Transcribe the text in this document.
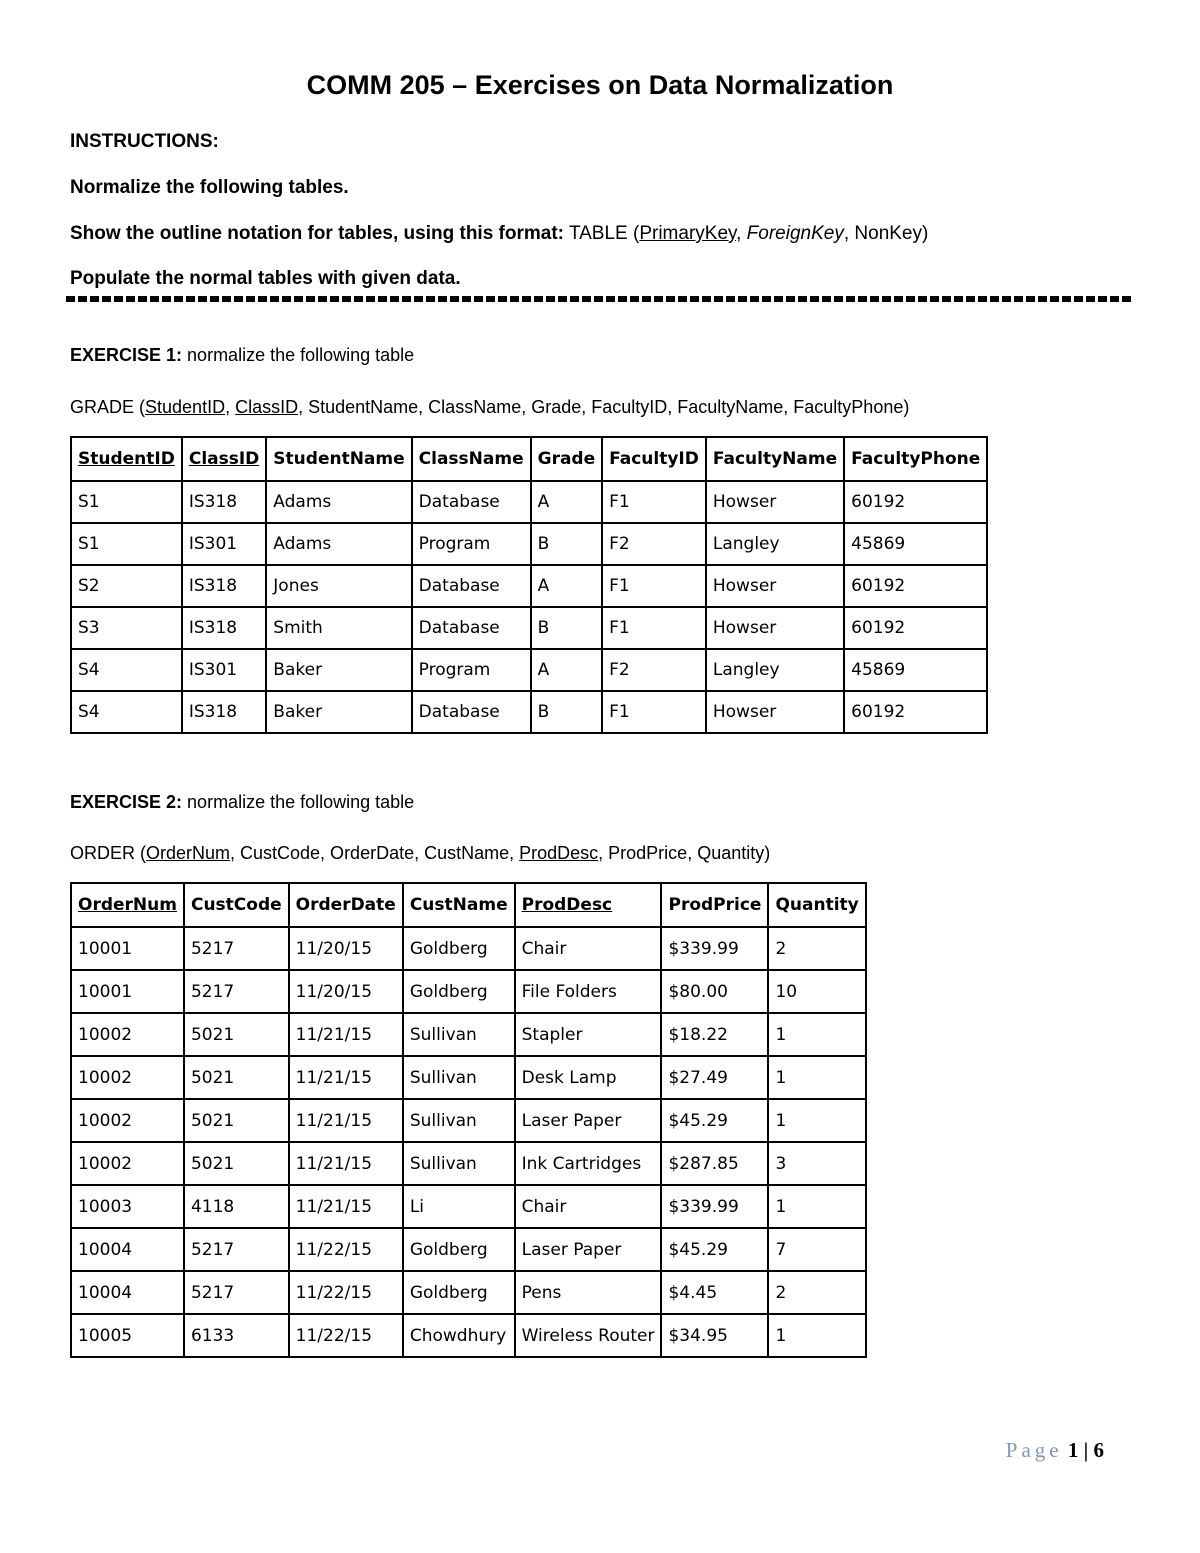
COMM 205 – Exercises on Data Normalization
INSTRUCTIONS:
Normalize the following tables.
Show the outline notation for tables, using this format: TABLE (PrimaryKey, ForeignKey, NonKey)
Populate the normal tables with given data.
EXERCISE 1: normalize the following table
GRADE (StudentID, ClassID, StudentName, ClassName, Grade, FacultyID, FacultyName, FacultyPhone)
StudentID	ClassID	StudentName	ClassName	Grade	FacultyID	FacultyName	FacultyPhone
S1	IS318	Adams	Database	A	F1	Howser	60192
S1	IS301	Adams	Program	B	F2	Langley	45869
S2	IS318	Jones	Database	A	F1	Howser	60192
S3	IS318	Smith	Database	B	F1	Howser	60192
S4	IS301	Baker	Program	A	F2	Langley	45869
S4	IS318	Baker	Database	B	F1	Howser	60192
EXERCISE 2: normalize the following table
ORDER (OrderNum, CustCode, OrderDate, CustName, ProdDesc, ProdPrice, Quantity)
OrderNum	CustCode	OrderDate	CustName	ProdDesc	ProdPrice	Quantity
10001	5217	11/20/15	Goldberg	Chair	$339.99	2
10001	5217	11/20/15	Goldberg	File Folders	$80.00	10
10002	5021	11/21/15	Sullivan	Stapler	$18.22	1
10002	5021	11/21/15	Sullivan	Desk Lamp	$27.49	1
10002	5021	11/21/15	Sullivan	Laser Paper	$45.29	1
10002	5021	11/21/15	Sullivan	Ink Cartridges	$287.85	3
10003	4118	11/21/15	Li	Chair	$339.99	1
10004	5217	11/22/15	Goldberg	Laser Paper	$45.29	7
10004	5217	11/22/15	Goldberg	Pens	$4.45	2
10005	6133	11/22/15	Chowdhury	Wireless Router	$34.95	1
Page 1 | 6
